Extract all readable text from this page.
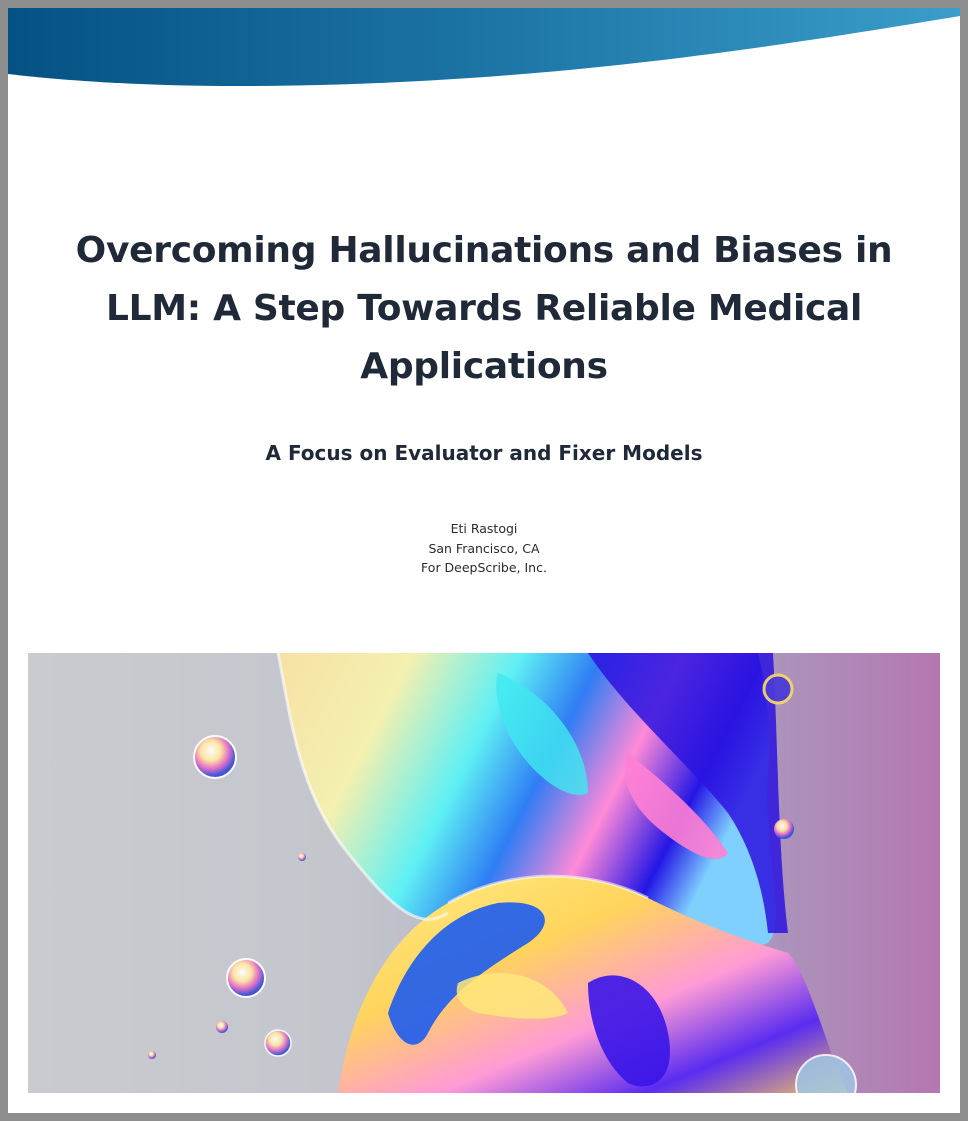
Overcoming Hallucinations and Biases in LLM: A Step Towards Reliable Medical Applications
A Focus on Evaluator and Fixer Models
Eti Rastogi
San Francisco, CA
For DeepScribe, Inc.
